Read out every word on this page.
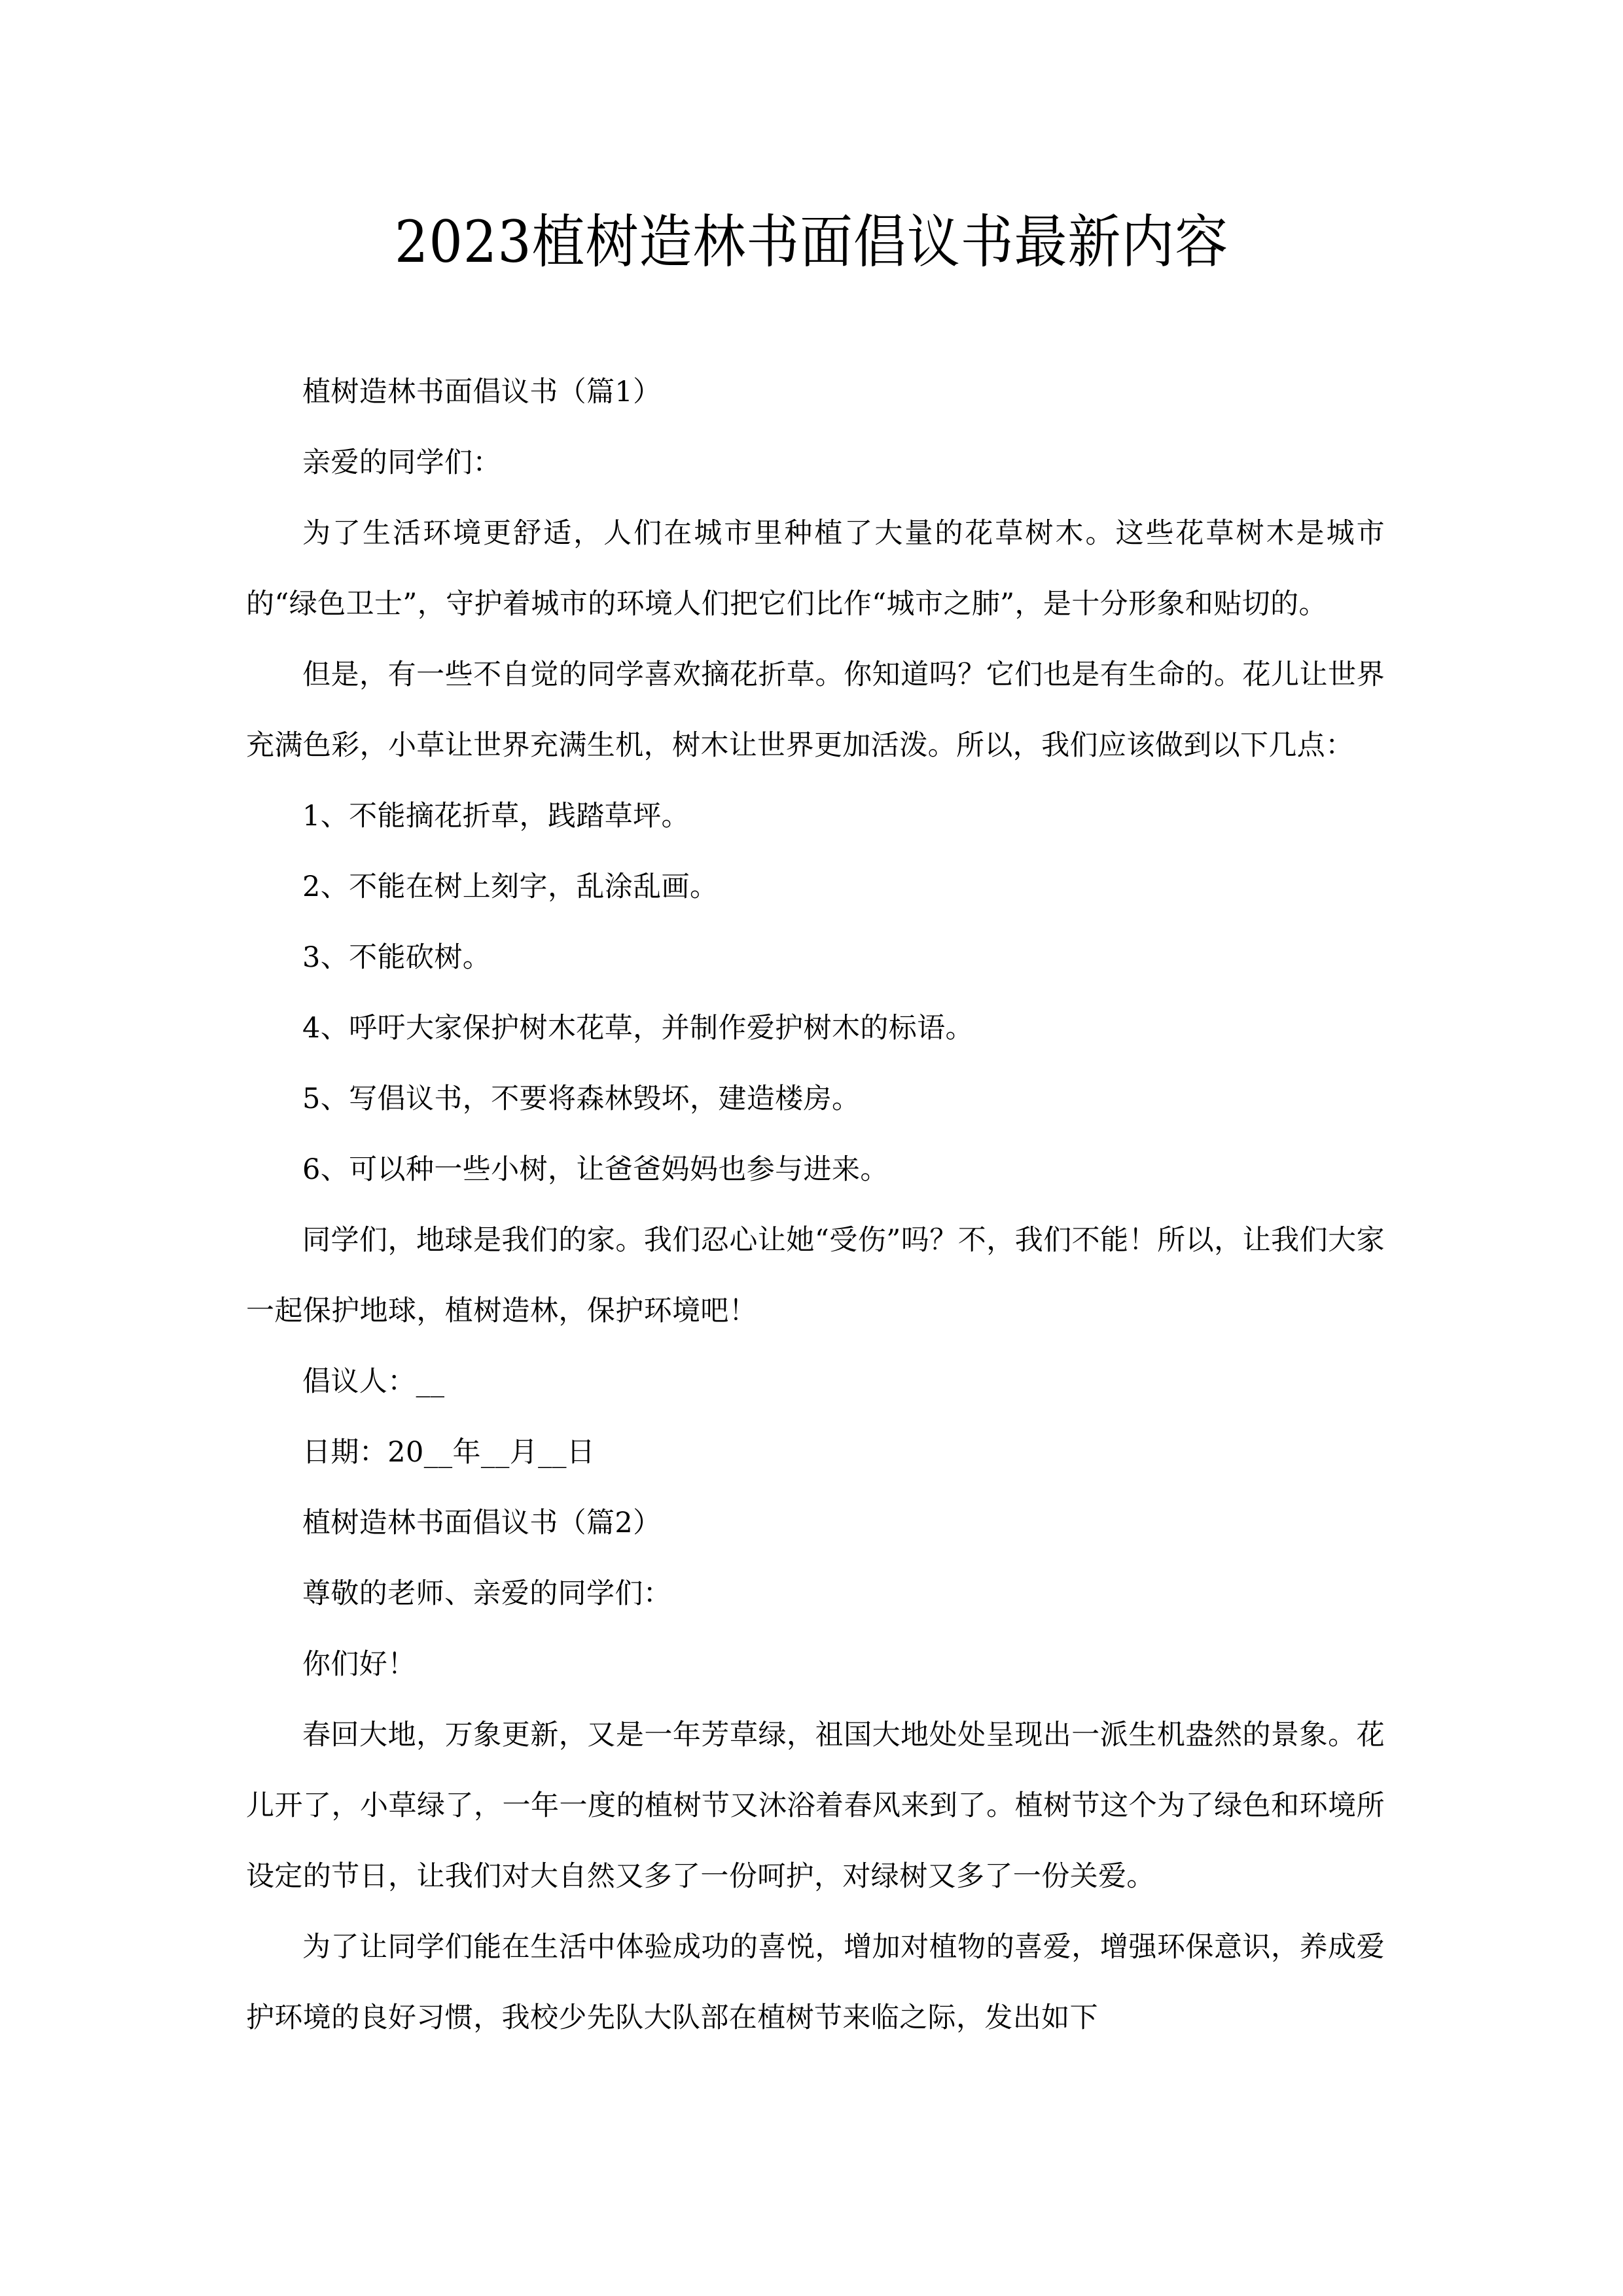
2023植树造林书面倡议书最新内容

植树造林书面倡议书（篇1）

亲爱的同学们：

为了生活环境更舒适，人们在城市里种植了大量的花草树木。这些花草树木是城市的“绿色卫士”，守护着城市的环境人们把它们比作“城市之肺”，是十分形象和贴切的。

但是，有一些不自觉的同学喜欢摘花折草。你知道吗？它们也是有生命的。花儿让世界充满色彩，小草让世界充满生机，树木让世界更加活泼。所以，我们应该做到以下几点：

1、不能摘花折草，践踏草坪。

2、不能在树上刻字，乱涂乱画。

3、不能砍树。

4、呼吁大家保护树木花草，并制作爱护树木的标语。

5、写倡议书，不要将森林毁坏，建造楼房。

6、可以种一些小树，让爸爸妈妈也参与进来。

同学们，地球是我们的家。我们忍心让她“受伤”吗？不，我们不能！所以，让我们大家一起保护地球，植树造林，保护环境吧！

倡议人：__

日期：20__年__月__日

植树造林书面倡议书（篇2）

尊敬的老师、亲爱的同学们：

你们好！

春回大地，万象更新，又是一年芳草绿，祖国大地处处呈现出一派生机盎然的景象。花儿开了，小草绿了，一年一度的植树节又沐浴着春风来到了。植树节这个为了绿色和环境所设定的节日，让我们对大自然又多了一份呵护，对绿树又多了一份关爱。

为了让同学们能在生活中体验成功的喜悦，增加对植物的喜爱，增强环保意识，养成爱护环境的良好习惯，我校少先队大队部在植树节来临之际，发出如下
